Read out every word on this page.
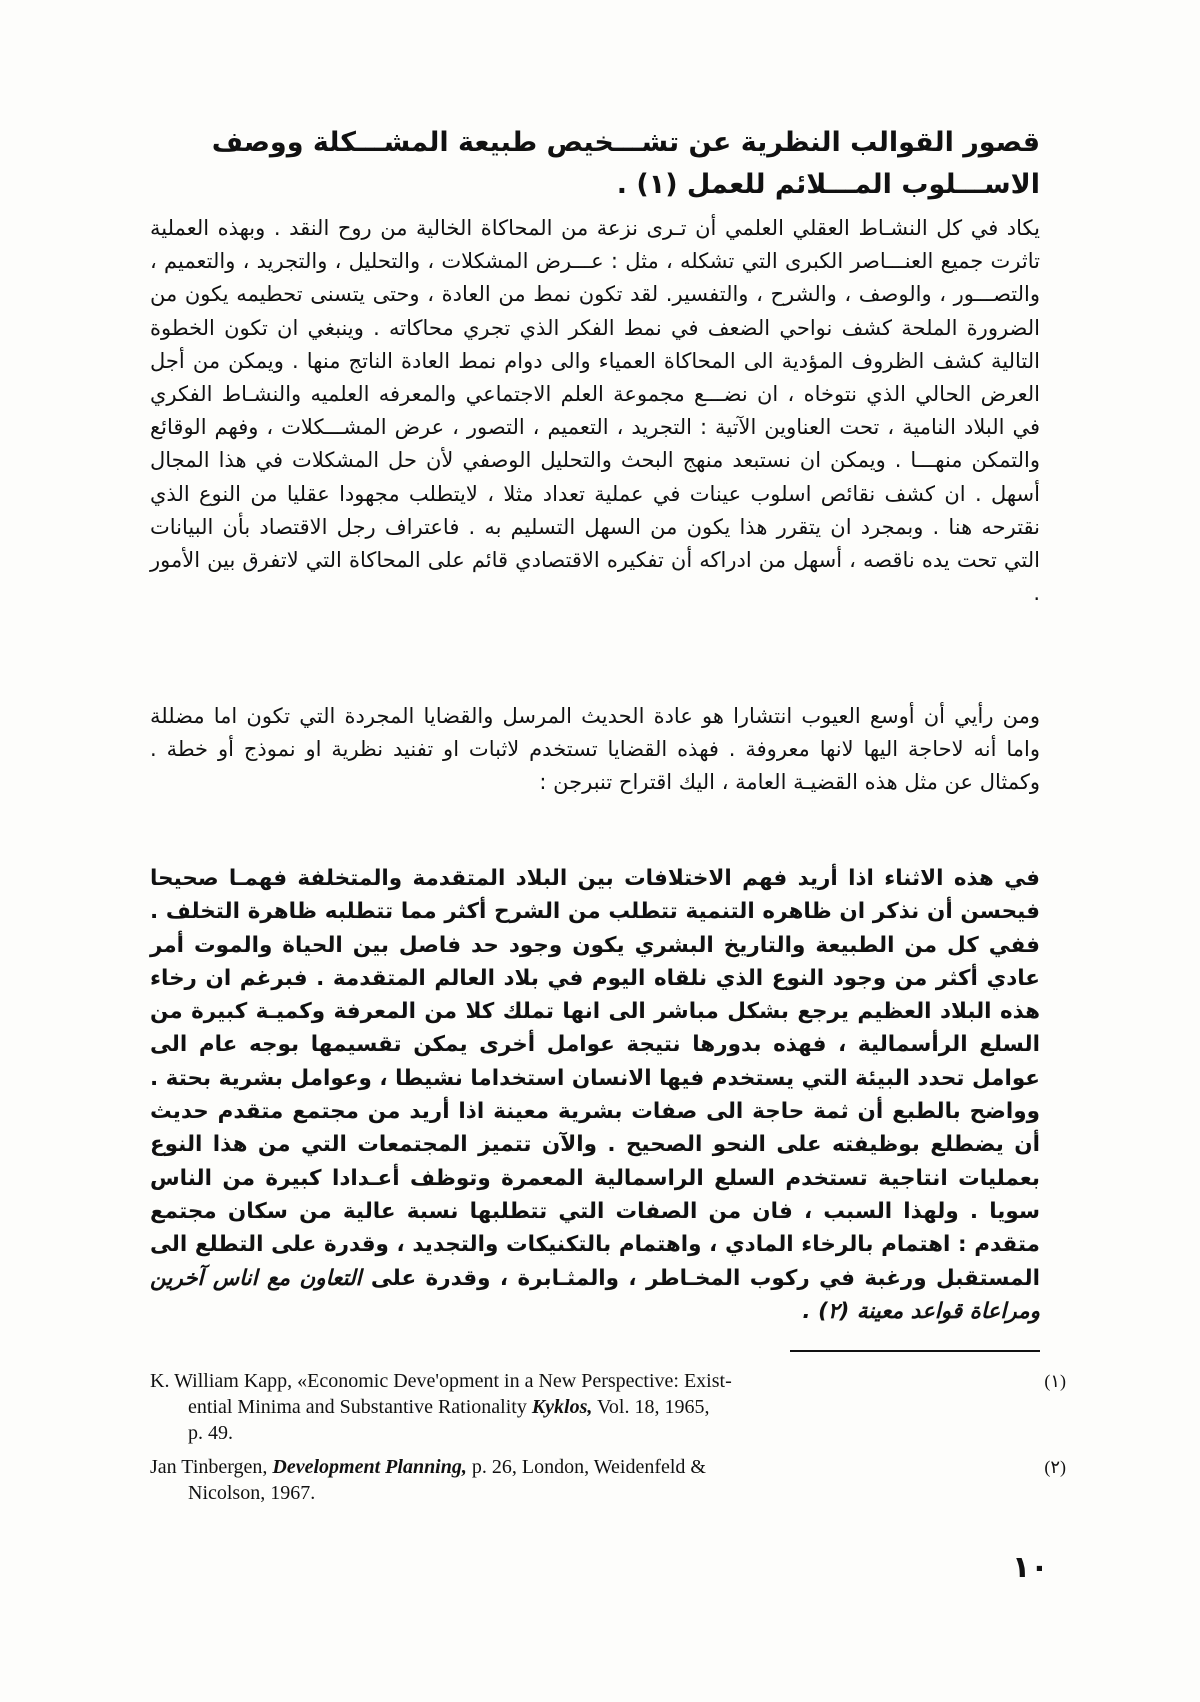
قصور القوالب النظرية عن تشـــخيص طبيعة المشـــكلة ووصف الاســـلوب المـــلائم للعمل (١) .

يكاد في كل النشـاط العقلي العلمي أن تـرى نزعة من المحاكاة الخالية من روح النقد . وبهذه العملية تاثرت جميع العنـــاصر الكبرى التي تشكله ، مثل : عـــرض المشكلات ، والتحليل ، والتجريد ، والتعميم ، والتصـــور ، والوصف ، والشرح ، والتفسير. لقد تكون نمط من العادة ، وحتى يتسنى تحطيمه يكون من الضرورة الملحة كشف نواحي الضعف في نمط الفكر الذي تجري محاكاته . وينبغي ان تكون الخطوة التالية كشف الظروف المؤدية الى المحاكاة العمياء والى دوام نمط العادة الناتج منها . ويمكن من أجل العرض الحالي الذي نتوخاه ، ان نضـــع مجموعة العلم الاجتماعي والمعرفه العلميه والنشـاط الفكري في البلاد النامية ، تحت العناوين الآتية : التجريد ، التعميم ، التصور ، عرض المشـــكلات ، وفهم الوقائع والتمكن منهـــا . ويمكن ان نستبعد منهج البحث والتحليل الوصفي لأن حل المشكلات في هذا المجال أسهل . ان كشف نقائص اسلوب عينات في عملية تعداد مثلا ، لايتطلب مجهودا عقليا من النوع الذي نقترحه هنا . وبمجرد ان يتقرر هذا يكون من السهل التسليم به . فاعتراف رجل الاقتصاد بأن البيانات التي تحت يده ناقصه ، أسهل من ادراكه أن تفكيره الاقتصادي قائم على المحاكاة التي لاتفرق بين الأمور .

ومن رأيي أن أوسع العيوب انتشارا هو عادة الحديث المرسل والقضايا المجردة التي تكون اما مضللة واما أنه لاحاجة اليها لانها معروفة . فهذه القضايا تستخدم لاثبات او تفنيد نظرية او نموذج أو خطة . وكمثال عن مثل هذه القضيـة العامة ، اليك اقتراح تنبرجن :

في هذه الاثناء اذا أريد فهم الاختلافات بين البلاد المتقدمة والمتخلفة فهمـا صحيحا فيحسن أن نذكر ان ظاهره التنمية تتطلب من الشرح أكثر مما تتطلبه ظاهرة التخلف . ففي كل من الطبيعة والتاريخ البشري يكون وجود حد فاصل بين الحياة والموت أمر عادي أكثر من وجود النوع الذي نلقاه اليوم في بلاد العالم المتقدمة . فبرغم ان رخاء هذه البلاد العظيم يرجع بشكل مباشر الى انها تملك كلا من المعرفة وكميـة كبيرة من السلع الرأسمالية ، فهذه بدورها نتيجة عوامل أخرى يمكن تقسيمها بوجه عام الى عوامل تحدد البيئة التي يستخدم فيها الانسان استخداما نشيطا ، وعوامل بشرية بحتة . وواضح بالطبع أن ثمة حاجة الى صفات بشرية معينة اذا أريد من مجتمع متقدم حديث أن يضطلع بوظيفته على النحو الصحيح . والآن تتميز المجتمعات التي من هذا النوع بعمليات انتاجية تستخدم السلع الراسمالية المعمرة وتوظف أعـدادا كبيرة من الناس سويا . ولهذا السبب ، فان من الصفات التي تتطلبها نسبة عالية من سكان مجتمع متقدم : اهتمام بالرخاء المادي ، واهتمام بالتكنيكات والتجديد ، وقدرة على التطلع الى المستقبل ورغبة في ركوب المخـاطر ، والمثـابرة ، وقدرة على التعاون مع اناس آخرين ومراعاة قواعد معينة (٢) .

(١)
K. William Kapp, «Economic Deve'opment in a New Perspective: Exist-
ential Minima and Substantive Rationality Kyklos, Vol. 18, 1965,
p. 49.
(٢)
Jan Tinbergen, Development Planning, p. 26, London, Weidenfeld &
Nicolson, 1967.
١٠
